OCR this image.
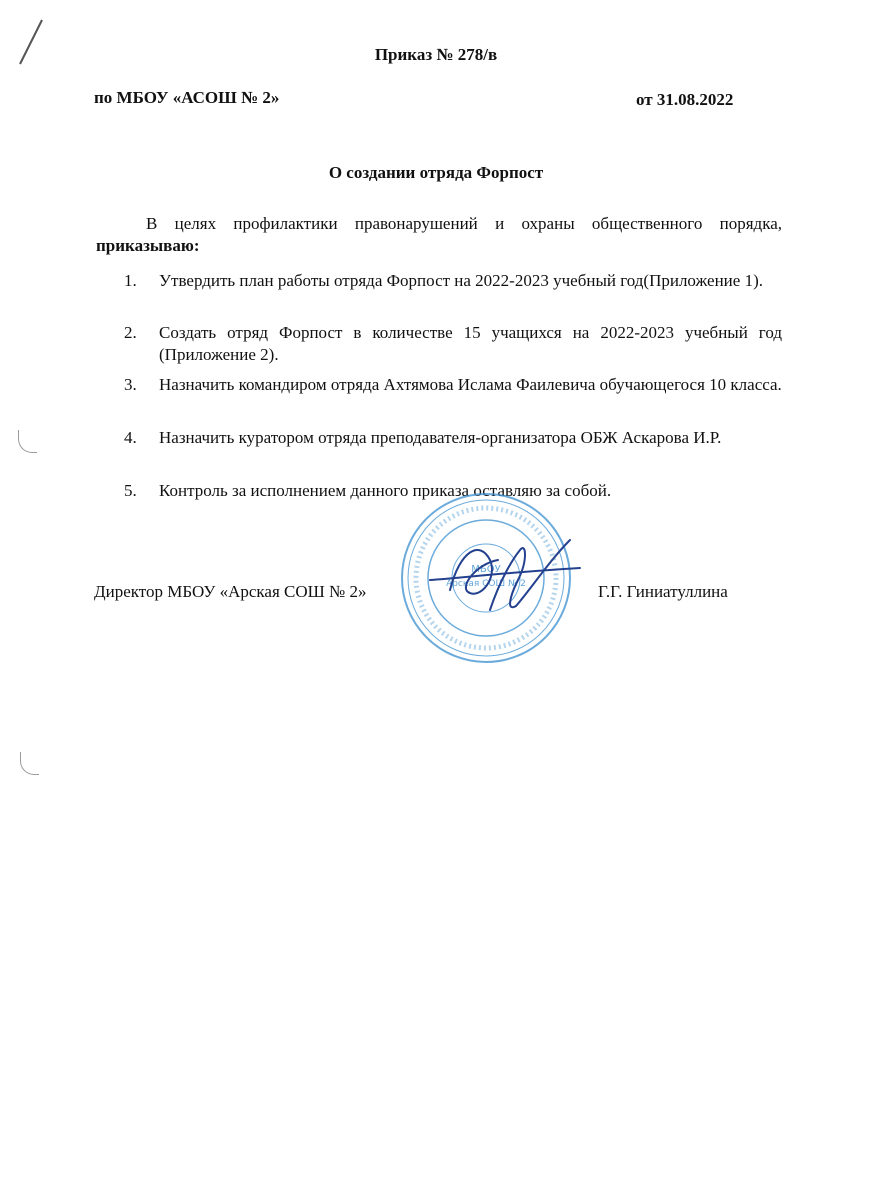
Приказ № 278/в
по МБОУ «АСОШ № 2»	от 31.08.2022
О создании отряда Форпост

В целях профилактики правонарушений и охраны общественного порядка, приказываю:

1. Утвердить план работы отряда Форпост на 2022-2023 учебный год(Приложение 1).
2. Создать отряд Форпост в количестве 15 учащихся на 2022-2023 учебный год (Приложение 2).
3. Назначить командиром отряда Ахтямова Ислама Фаилевича обучающегося 10 класса.
4. Назначить куратором отряда преподавателя-организатора ОБЖ Аскарова И.Р.
5. Контроль за исполнением данного приказа оставляю за собой.
МБОУ
Арская СОШ № 2
Директор МБОУ «Арская СОШ № 2»	Г.Г. Гиниатуллина
